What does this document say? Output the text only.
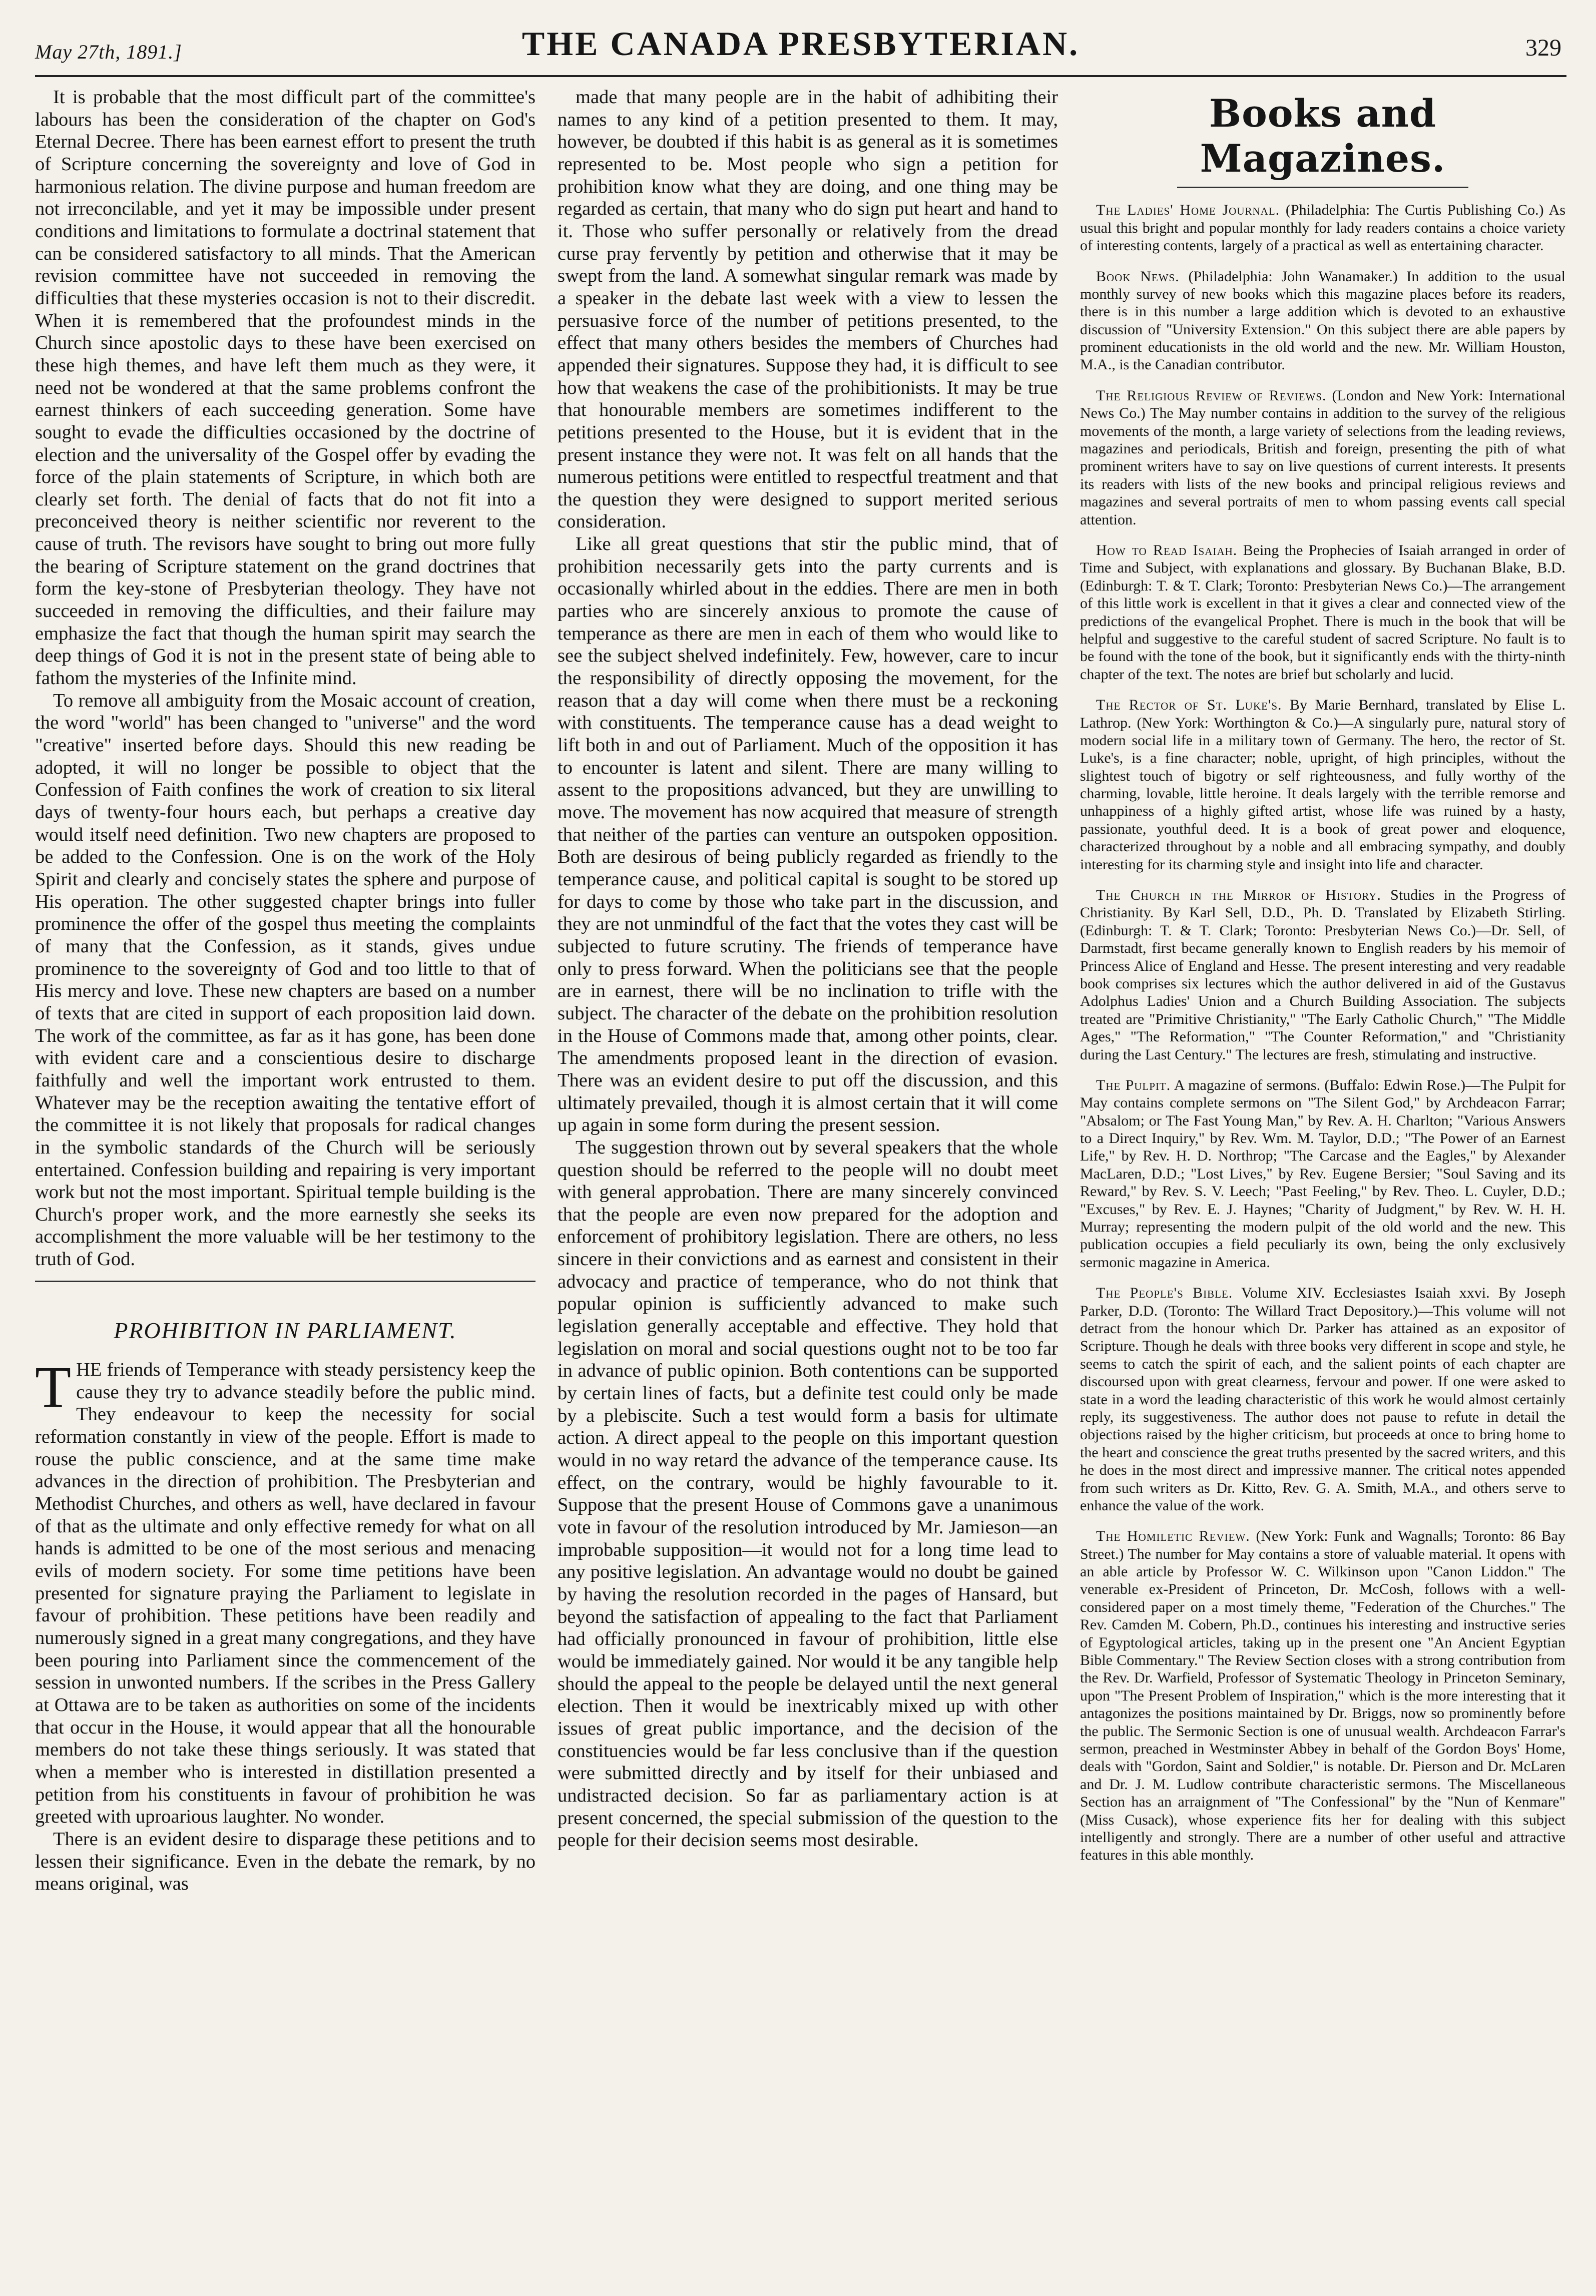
May 27th, 1891.]	THE CANADA PRESBYTERIAN.	329

It is probable that the most difficult part of the committee's labours has been the consideration of the chapter on God's Eternal Decree. There has been earnest effort to present the truth of Scripture concerning the sovereignty and love of God in harmonious relation. The divine purpose and human freedom are not irreconcilable, and yet it may be impossible under present conditions and limitations to formulate a doctrinal statement that can be considered satisfactory to all minds. That the American revision committee have not succeeded in removing the difficulties that these mysteries occasion is not to their discredit. When it is remembered that the profoundest minds in the Church since apostolic days to these have been exercised on these high themes, and have left them much as they were, it need not be wondered at that the same problems confront the earnest thinkers of each succeeding generation. Some have sought to evade the difficulties occasioned by the doctrine of election and the universality of the Gospel offer by evading the force of the plain statements of Scripture, in which both are clearly set forth. The denial of facts that do not fit into a preconceived theory is neither scientific nor reverent to the cause of truth. The revisors have sought to bring out more fully the bearing of Scripture statement on the grand doctrines that form the key-stone of Presbyterian theology. They have not succeeded in removing the difficulties, and their failure may emphasize the fact that though the human spirit may search the deep things of God it is not in the present state of being able to fathom the mysteries of the Infinite mind.

To remove all ambiguity from the Mosaic account of creation, the word "world" has been changed to "universe" and the word "creative" inserted before days. Should this new reading be adopted, it will no longer be possible to object that the Confession of Faith confines the work of creation to six literal days of twenty-four hours each, but perhaps a creative day would itself need definition. Two new chapters are proposed to be added to the Confession. One is on the work of the Holy Spirit and clearly and concisely states the sphere and purpose of His operation. The other suggested chapter brings into fuller prominence the offer of the gospel thus meeting the complaints of many that the Confession, as it stands, gives undue prominence to the sovereignty of God and too little to that of His mercy and love. These new chapters are based on a number of texts that are cited in support of each proposition laid down. The work of the committee, as far as it has gone, has been done with evident care and a conscientious desire to discharge faithfully and well the important work entrusted to them. Whatever may be the reception awaiting the tentative effort of the committee it is not likely that proposals for radical changes in the symbolic standards of the Church will be seriously entertained. Confession building and repairing is very important work but not the most important. Spiritual temple building is the Church's proper work, and the more earnestly she seeks its accomplishment the more valuable will be her testimony to the truth of God.

PROHIBITION IN PARLIAMENT.

THE friends of Temperance with steady persistency keep the cause they try to advance steadily before the public mind. They endeavour to keep the necessity for social reformation constantly in view of the people. Effort is made to rouse the public conscience, and at the same time make advances in the direction of prohibition. The Presbyterian and Methodist Churches, and others as well, have declared in favour of that as the ultimate and only effective remedy for what on all hands is admitted to be one of the most serious and menacing evils of modern society. For some time petitions have been presented for signature praying the Parliament to legislate in favour of prohibition. These petitions have been readily and numerously signed in a great many congregations, and they have been pouring into Parliament since the commencement of the session in unwonted numbers. If the scribes in the Press Gallery at Ottawa are to be taken as authorities on some of the incidents that occur in the House, it would appear that all the honourable members do not take these things seriously. It was stated that when a member who is interested in distillation presented a petition from his constituents in favour of prohibition he was greeted with uproarious laughter. No wonder.

There is an evident desire to disparage these petitions and to lessen their significance. Even in the debate the remark, by no means original, was

made that many people are in the habit of adhibiting their names to any kind of a petition presented to them. It may, however, be doubted if this habit is as general as it is sometimes represented to be. Most people who sign a petition for prohibition know what they are doing, and one thing may be regarded as certain, that many who do sign put heart and hand to it. Those who suffer personally or relatively from the dread curse pray fervently by petition and otherwise that it may be swept from the land. A somewhat singular remark was made by a speaker in the debate last week with a view to lessen the persuasive force of the number of petitions presented, to the effect that many others besides the members of Churches had appended their signatures. Suppose they had, it is difficult to see how that weakens the case of the prohibitionists. It may be true that honourable members are sometimes indifferent to the petitions presented to the House, but it is evident that in the present instance they were not. It was felt on all hands that the numerous petitions were entitled to respectful treatment and that the question they were designed to support merited serious consideration.

Like all great questions that stir the public mind, that of prohibition necessarily gets into the party currents and is occasionally whirled about in the eddies. There are men in both parties who are sincerely anxious to promote the cause of temperance as there are men in each of them who would like to see the subject shelved indefinitely. Few, however, care to incur the responsibility of directly opposing the movement, for the reason that a day will come when there must be a reckoning with constituents. The temperance cause has a dead weight to lift both in and out of Parliament. Much of the opposition it has to encounter is latent and silent. There are many willing to assent to the propositions advanced, but they are unwilling to move. The movement has now acquired that measure of strength that neither of the parties can venture an outspoken opposition. Both are desirous of being publicly regarded as friendly to the temperance cause, and political capital is sought to be stored up for days to come by those who take part in the discussion, and they are not unmindful of the fact that the votes they cast will be subjected to future scrutiny. The friends of temperance have only to press forward. When the politicians see that the people are in earnest, there will be no inclination to trifle with the subject. The character of the debate on the prohibition resolution in the House of Commons made that, among other points, clear. The amendments proposed leant in the direction of evasion. There was an evident desire to put off the discussion, and this ultimately prevailed, though it is almost certain that it will come up again in some form during the present session.

The suggestion thrown out by several speakers that the whole question should be referred to the people will no doubt meet with general approbation. There are many sincerely convinced that the people are even now prepared for the adoption and enforcement of prohibitory legislation. There are others, no less sincere in their convictions and as earnest and consistent in their advocacy and practice of temperance, who do not think that popular opinion is sufficiently advanced to make such legislation generally acceptable and effective. They hold that legislation on moral and social questions ought not to be too far in advance of public opinion. Both contentions can be supported by certain lines of facts, but a definite test could only be made by a plebiscite. Such a test would form a basis for ultimate action. A direct appeal to the people on this important question would in no way retard the advance of the temperance cause. Its effect, on the contrary, would be highly favourable to it. Suppose that the present House of Commons gave a unanimous vote in favour of the resolution introduced by Mr. Jamieson—an improbable supposition—it would not for a long time lead to any positive legislation. An advantage would no doubt be gained by having the resolution recorded in the pages of Hansard, but beyond the satisfaction of appealing to the fact that Parliament had officially pronounced in favour of prohibition, little else would be immediately gained. Nor would it be any tangible help should the appeal to the people be delayed until the next general election. Then it would be inextricably mixed up with other issues of great public importance, and the decision of the constituencies would be far less conclusive than if the question were submitted directly and by itself for their unbiased and undistracted decision. So far as parliamentary action is at present concerned, the special submission of the question to the people for their decision seems most desirable.

Books and Magazines.

The Ladies' Home Journal. (Philadelphia: The Curtis Publishing Co.) As usual this bright and popular monthly for lady readers contains a choice variety of interesting contents, largely of a practical as well as entertaining character.

Book News. (Philadelphia: John Wanamaker.) In addition to the usual monthly survey of new books which this magazine places before its readers, there is in this number a large addition which is devoted to an exhaustive discussion of "University Extension." On this subject there are able papers by prominent educationists in the old world and the new. Mr. William Houston, M.A., is the Canadian contributor.

The Religious Review of Reviews. (London and New York: International News Co.) The May number contains in addition to the survey of the religious movements of the month, a large variety of selections from the leading reviews, magazines and periodicals, British and foreign, presenting the pith of what prominent writers have to say on live questions of current interests. It presents its readers with lists of the new books and principal religious reviews and magazines and several portraits of men to whom passing events call special attention.

How to Read Isaiah. Being the Prophecies of Isaiah arranged in order of Time and Subject, with explanations and glossary. By Buchanan Blake, B.D. (Edinburgh: T. & T. Clark; Toronto: Presbyterian News Co.)—The arrangement of this little work is excellent in that it gives a clear and connected view of the predictions of the evangelical Prophet. There is much in the book that will be helpful and suggestive to the careful student of sacred Scripture. No fault is to be found with the tone of the book, but it significantly ends with the thirty-ninth chapter of the text. The notes are brief but scholarly and lucid.

The Rector of St. Luke's. By Marie Bernhard, translated by Elise L. Lathrop. (New York: Worthington & Co.)—A singularly pure, natural story of modern social life in a military town of Germany. The hero, the rector of St. Luke's, is a fine character; noble, upright, of high principles, without the slightest touch of bigotry or self righteousness, and fully worthy of the charming, lovable, little heroine. It deals largely with the terrible remorse and unhappiness of a highly gifted artist, whose life was ruined by a hasty, passionate, youthful deed. It is a book of great power and eloquence, characterized throughout by a noble and all embracing sympathy, and doubly interesting for its charming style and insight into life and character.

The Church in the Mirror of History. Studies in the Progress of Christianity. By Karl Sell, D.D., Ph. D. Translated by Elizabeth Stirling. (Edinburgh: T. & T. Clark; Toronto: Presbyterian News Co.)—Dr. Sell, of Darmstadt, first became generally known to English readers by his memoir of Princess Alice of England and Hesse. The present interesting and very readable book comprises six lectures which the author delivered in aid of the Gustavus Adolphus Ladies' Union and a Church Building Association. The subjects treated are "Primitive Christianity," "The Early Catholic Church," "The Middle Ages," "The Reformation," "The Counter Reformation," and "Christianity during the Last Century." The lectures are fresh, stimulating and instructive.

The Pulpit. A magazine of sermons. (Buffalo: Edwin Rose.)—The Pulpit for May contains complete sermons on "The Silent God," by Archdeacon Farrar; "Absalom; or The Fast Young Man," by Rev. A. H. Charlton; "Various Answers to a Direct Inquiry," by Rev. Wm. M. Taylor, D.D.; "The Power of an Earnest Life," by Rev. H. D. Northrop; "The Carcase and the Eagles," by Alexander MacLaren, D.D.; "Lost Lives," by Rev. Eugene Bersier; "Soul Saving and its Reward," by Rev. S. V. Leech; "Past Feeling," by Rev. Theo. L. Cuyler, D.D.; "Excuses," by Rev. E. J. Haynes; "Charity of Judgment," by Rev. W. H. H. Murray; representing the modern pulpit of the old world and the new. This publication occupies a field peculiarly its own, being the only exclusively sermonic magazine in America.

The People's Bible. Volume XIV. Ecclesiastes Isaiah xxvi. By Joseph Parker, D.D. (Toronto: The Willard Tract Depository.)—This volume will not detract from the honour which Dr. Parker has attained as an expositor of Scripture. Though he deals with three books very different in scope and style, he seems to catch the spirit of each, and the salient points of each chapter are discoursed upon with great clearness, fervour and power. If one were asked to state in a word the leading characteristic of this work he would almost certainly reply, its suggestiveness. The author does not pause to refute in detail the objections raised by the higher criticism, but proceeds at once to bring home to the heart and conscience the great truths presented by the sacred writers, and this he does in the most direct and impressive manner. The critical notes appended from such writers as Dr. Kitto, Rev. G. A. Smith, M.A., and others serve to enhance the value of the work.

The Homiletic Review. (New York: Funk and Wagnalls; Toronto: 86 Bay Street.) The number for May contains a store of valuable material. It opens with an able article by Professor W. C. Wilkinson upon "Canon Liddon." The venerable ex-President of Princeton, Dr. McCosh, follows with a well-considered paper on a most timely theme, "Federation of the Churches." The Rev. Camden M. Cobern, Ph.D., continues his interesting and instructive series of Egyptological articles, taking up in the present one "An Ancient Egyptian Bible Commentary." The Review Section closes with a strong contribution from the Rev. Dr. Warfield, Professor of Systematic Theology in Princeton Seminary, upon "The Present Problem of Inspiration," which is the more interesting that it antagonizes the positions maintained by Dr. Briggs, now so prominently before the public. The Sermonic Section is one of unusual wealth. Archdeacon Farrar's sermon, preached in Westminster Abbey in behalf of the Gordon Boys' Home, deals with "Gordon, Saint and Soldier," is notable. Dr. Pierson and Dr. McLaren and Dr. J. M. Ludlow contribute characteristic sermons. The Miscellaneous Section has an arraignment of "The Confessional" by the "Nun of Kenmare" (Miss Cusack), whose experience fits her for dealing with this subject intelligently and strongly. There are a number of other useful and attractive features in this able monthly.
